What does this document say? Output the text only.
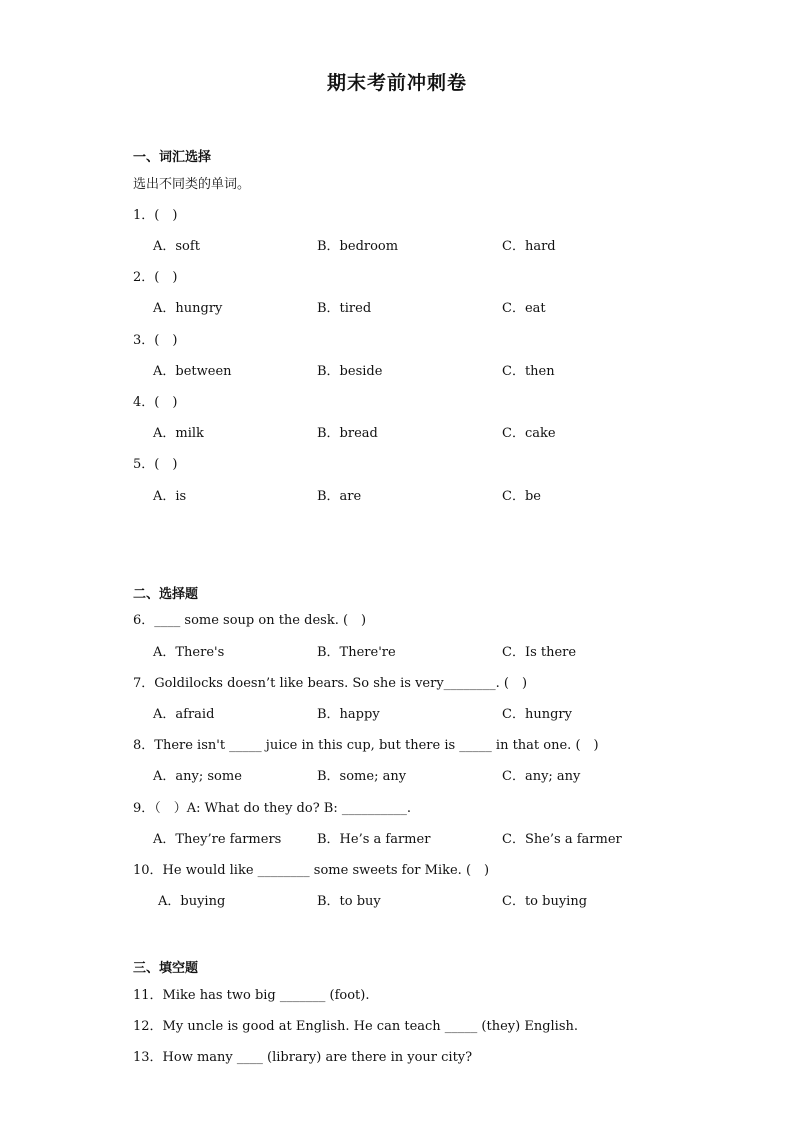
期末考前冲刺卷
一、词汇选择
选出不同类的单词。
1．(　)
A．soft	B．bedroom	C．hard
2．(　)
A．hungry	B．tired	C．eat
3．(　)
A．between	B．beside	C．then
4．(　)
A．milk	B．bread	C．cake
5．(　)
A．is	B．are	C．be
二、选择题
6．____ some soup on the desk. (　)
A．There's	B．There're	C．Is there
7．Goldilocks doesn’t like bears. So she is very________. (　)
A．afraid	B．happy	C．hungry
8．There isn't _____ juice in this cup, but there is _____ in that one. (　)
A．any; some	B．some; any	C．any; any
9．（　）A: What do they do? B: __________.
A．They’re farmers	B．He’s a farmer	C．She’s a farmer
10．He would like ________ some sweets for Mike. (　)
A．buying	B．to buy	C．to buying
三、填空题
11．Mike has two big _______ (foot).
12．My uncle is good at English. He can teach _____ (they) English.
13．How many ____ (library) are there in your city?
